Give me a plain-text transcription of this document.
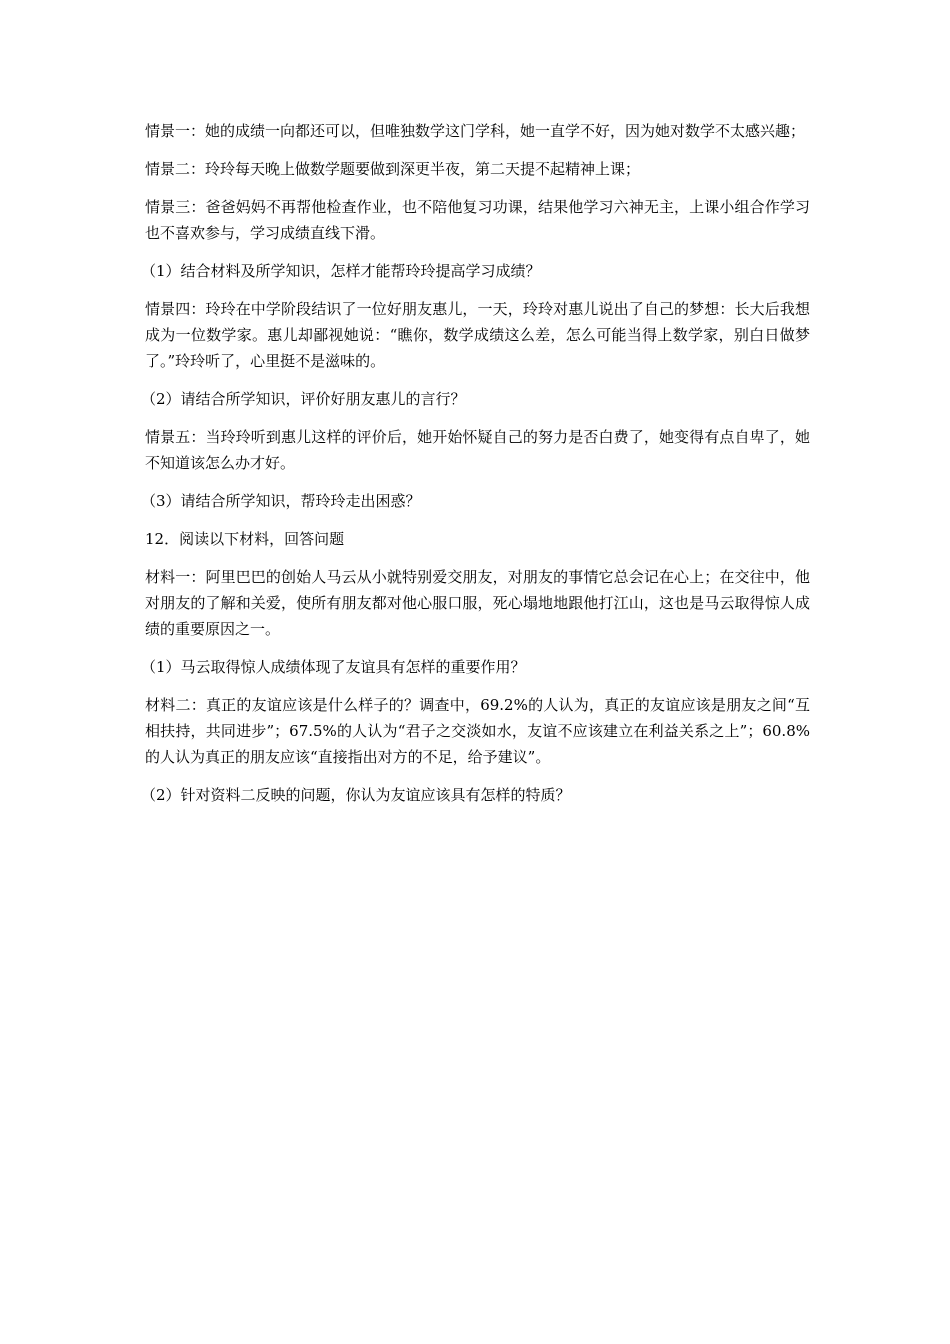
情景一：她的成绩一向都还可以，但唯独数学这门学科，她一直学不好，因为她对数学不太感兴趣；

情景二：玲玲每天晚上做数学题要做到深更半夜，第二天提不起精神上课；

情景三：爸爸妈妈不再帮他检查作业，也不陪他复习功课，结果他学习六神无主，上课小组合作学习也不喜欢参与，学习成绩直线下滑。

（1）结合材料及所学知识，怎样才能帮玲玲提高学习成绩？

情景四：玲玲在中学阶段结识了一位好朋友惠儿，一天，玲玲对惠儿说出了自己的梦想：长大后我想成为一位数学家。惠儿却鄙视她说：“瞧你，数学成绩这么差，怎么可能当得上数学家，别白日做梦了。”玲玲听了，心里挺不是滋味的。

（2）请结合所学知识，评价好朋友惠儿的言行？

情景五：当玲玲听到惠儿这样的评价后，她开始怀疑自己的努力是否白费了，她变得有点自卑了，她不知道该怎么办才好。

（3）请结合所学知识，帮玲玲走出困惑？

12．阅读以下材料，回答问题

材料一：阿里巴巴的创始人马云从小就特别爱交朋友，对朋友的事情它总会记在心上；在交往中，他对朋友的了解和关爱，使所有朋友都对他心服口服，死心塌地地跟他打江山，这也是马云取得惊人成绩的重要原因之一。

（1）马云取得惊人成绩体现了友谊具有怎样的重要作用？

材料二：真正的友谊应该是什么样子的？调查中，69.2%的人认为，真正的友谊应该是朋友之间“互相扶持，共同进步”；67.5%的人认为“君子之交淡如水，友谊不应该建立在利益关系之上”；60.8%的人认为真正的朋友应该“直接指出对方的不足，给予建议”。

（2）针对资料二反映的问题，你认为友谊应该具有怎样的特质？
